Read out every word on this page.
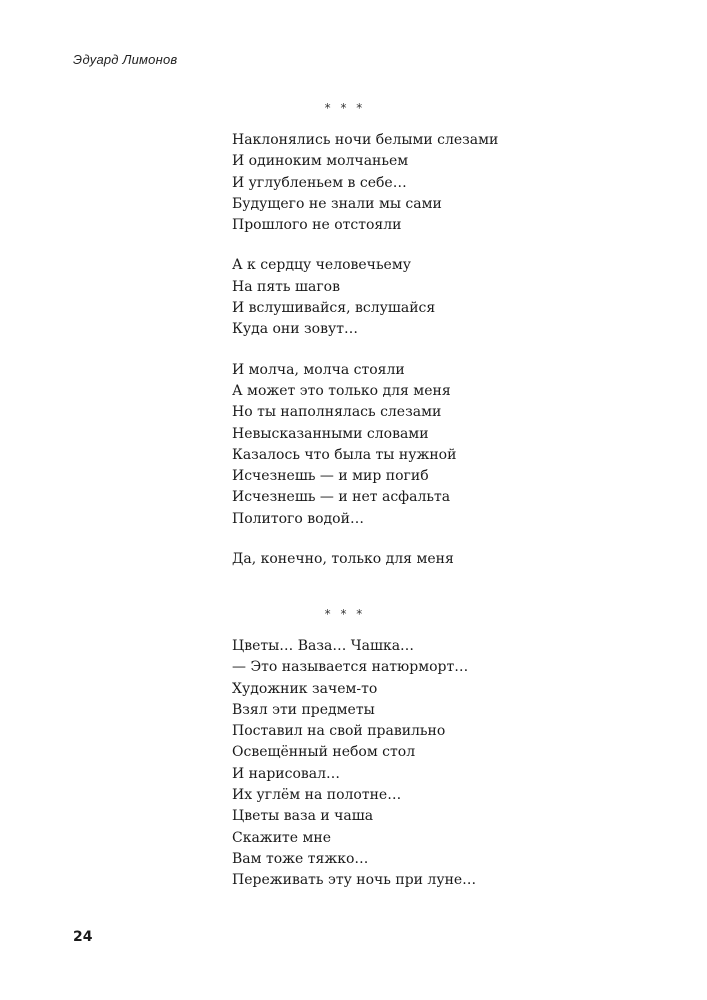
Эдуард Лимонов
* * *
Наклонялись ночи белыми слезами
И одиноким молчаньем
И углубленьем в себе…
Будущего не знали мы сами
Прошлого не отстояли
А к сердцу человечьему
На пять шагов
И вслушивайся, вслушайся
Куда они зовут…
И молча, молча стояли
А может это только для меня
Но ты наполнялась слезами
Невысказанными словами
Казалось что была ты нужной
Исчезнешь — и мир погиб
Исчезнешь — и нет асфальта
Политого водой…
Да, конечно, только для меня
* * *
Цветы… Ваза… Чашка…
— Это называется натюрморт…
Художник зачем-то
Взял эти предметы
Поставил на свой правильно
Освещённый небом стол
И нарисовал…
Их углём на полотне…
Цветы ваза и чаша
Скажите мне
Вам тоже тяжко…
Переживать эту ночь при луне…
24
